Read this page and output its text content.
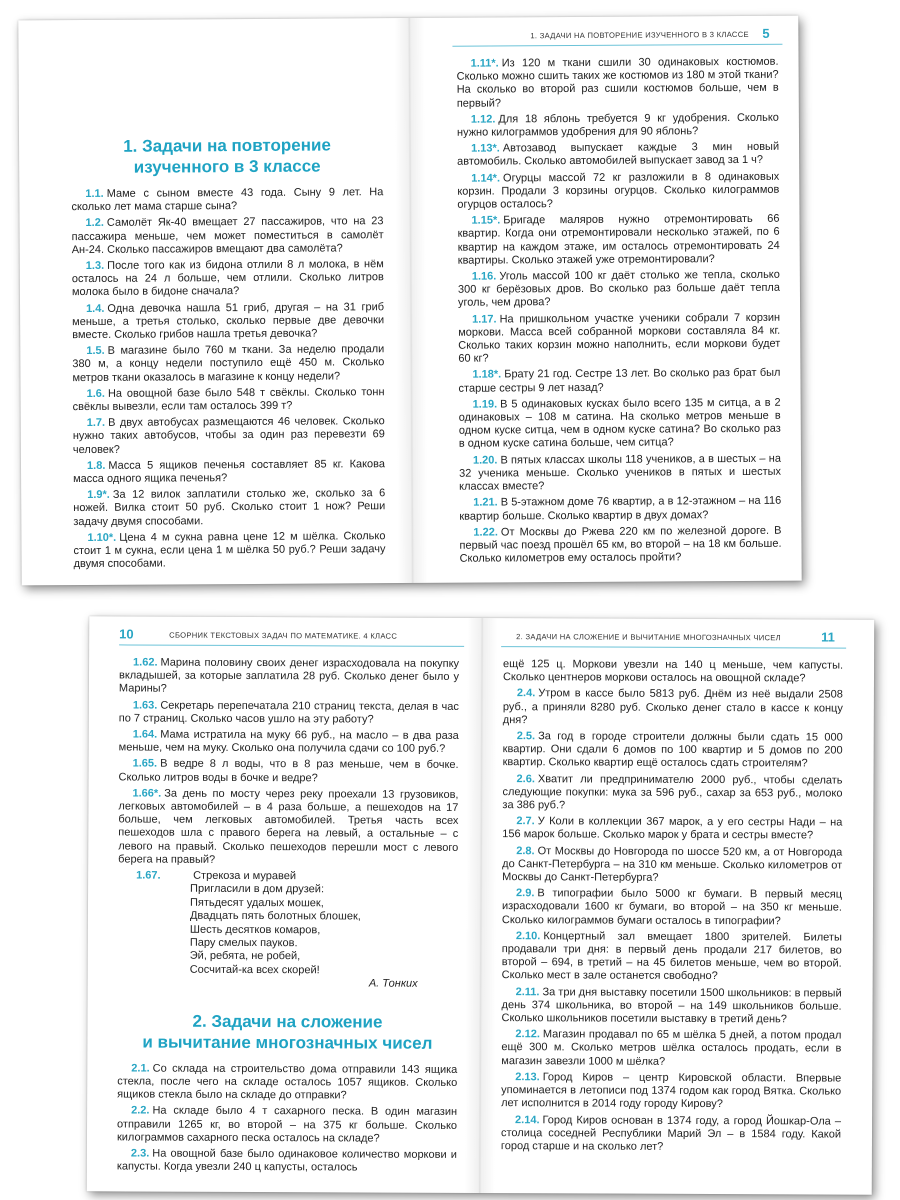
1. Задачи на повторение
изученного в 3 классе

1.1. Маме с сыном вместе 43 года. Сыну 9 лет. На сколько лет мама старше сына?

1.2. Самолёт Як-40 вмещает 27 пассажиров, что на 23 пассажира меньше, чем может поместиться в самолёт Ан-24. Сколько пассажиров вмещают два самолёта?

1.3. После того как из бидона отлили 8 л молока, в нём осталось на 24 л больше, чем отлили. Сколько литров молока было в бидоне сначала?

1.4. Одна девочка нашла 51 гриб, другая – на 31 гриб меньше, а третья столько, сколько первые две девочки вместе. Сколько грибов нашла третья девочка?

1.5. В магазине было 760 м ткани. За неделю продали 380 м, а концу недели поступило ещё 450 м. Сколько метров ткани оказалось в магазине к концу недели?

1.6. На овощной базе было 548 т свёклы. Сколько тонн свёклы вывезли, если там осталось 399 т?

1.7. В двух автобусах размещаются 46 человек. Сколько нужно таких автобусов, чтобы за один раз перевезти 69 человек?

1.8. Масса 5 ящиков печенья составляет 85 кг. Какова масса одного ящика печенья?

1.9*. За 12 вилок заплатили столько же, сколько за 6 ножей. Вилка стоит 50 руб. Сколько стоит 1 нож? Реши задачу двумя способами.

1.10*. Цена 4 м сукна равна цене 12 м шёлка. Сколько стоит 1 м сукна, если цена 1 м шёлка 50 руб.? Реши задачу двумя способами.

1. ЗАДАЧИ НА ПОВТОРЕНИЕ ИЗУЧЕННОГО В 3 КЛАССЕ 5

1.11*. Из 120 м ткани сшили 30 одинаковых костюмов. Сколько можно сшить таких же костюмов из 180 м этой ткани? На сколько во второй раз сшили костюмов больше, чем в первый?

1.12. Для 18 яблонь требуется 9 кг удобрения. Сколько нужно килограммов удобрения для 90 яблонь?

1.13*. Автозавод выпускает каждые 3 мин новый автомобиль. Сколько автомобилей выпускает завод за 1 ч?

1.14*. Огурцы массой 72 кг разложили в 8 одинаковых корзин. Продали 3 корзины огурцов. Сколько килограммов огурцов осталось?

1.15*. Бригаде маляров нужно отремонтировать 66 квартир. Когда они отремонтировали несколько этажей, по 6 квартир на каждом этаже, им осталось отремонтировать 24 квартиры. Сколько этажей уже отремонтировали?

1.16. Уголь массой 100 кг даёт столько же тепла, сколько 300 кг берёзовых дров. Во сколько раз больше даёт тепла уголь, чем дрова?

1.17. На пришкольном участке ученики собрали 7 корзин моркови. Масса всей собранной моркови составляла 84 кг. Сколько таких корзин можно наполнить, если моркови будет 60 кг?

1.18*. Брату 21 год. Сестре 13 лет. Во сколько раз брат был старше сестры 9 лет назад?

1.19. В 5 одинаковых кусках было всего 135 м ситца, а в 2 одинаковых – 108 м сатина. На сколько метров меньше в одном куске ситца, чем в одном куске сатина? Во сколько раз в одном куске сатина больше, чем ситца?

1.20. В пятых классах школы 118 учеников, а в шестых – на 32 ученика меньше. Сколько учеников в пятых и шестых классах вместе?

1.21. В 5-этажном доме 76 квартир, а в 12-этажном – на 116 квартир больше. Сколько квартир в двух домах?

1.22. От Москвы до Ржева 220 км по железной дороге. В первый час поезд прошёл 65 км, во второй – на 18 км больше. Сколько километров ему осталось пройти?

10	СБОРНИК ТЕКСТОВЫХ ЗАДАЧ ПО МАТЕМАТИКЕ. 4 КЛАСС

1.62. Марина половину своих денег израсходовала на покупку вкладышей, за которые заплатила 28 руб. Сколько денег было у Марины?

1.63. Секретарь перепечатала 210 страниц текста, делая в час по 7 страниц. Сколько часов ушло на эту работу?

1.64. Мама истратила на муку 66 руб., на масло – в два раза меньше, чем на муку. Сколько она получила сдачи со 100 руб.?

1.65. В ведре 8 л воды, что в 8 раз меньше, чем в бочке. Сколько литров воды в бочке и ведре?

1.66*. За день по мосту через реку проехали 13 грузовиков, легковых автомобилей – в 4 раза больше, а пешеходов на 17 больше, чем легковых автомобилей. Третья часть всех пешеходов шла с правого берега на левый, а остальные – с левого на правый. Сколько пешеходов перешли мост с левого берега на правый?

1.67.	Стрекоза и муравей
Пригласили в дом друзей:
Пятьдесят удалых мошек,
Двадцать пять болотных блошек,
Шесть десятков комаров,
Пару смелых пауков.
Эй, ребята, не робей,
Сосчитай-ка всех скорей!
А. Тонких
2. Задачи на сложение
и вычитание многозначных чисел

2.1. Со склада на строительство дома отправили 143 ящика стекла, после чего на складе осталось 1057 ящиков. Сколько ящиков стекла было на складе до отправки?

2.2. На складе было 4 т сахарного песка. В один магазин отправили 1265 кг, во второй – на 375 кг больше. Сколько килограммов сахарного песка осталось на складе?

2.3. На овощной базе было одинаковое количество моркови и капусты. Когда увезли 240 ц капусты, осталось

2. ЗАДАЧИ НА СЛОЖЕНИЕ И ВЫЧИТАНИЕ МНОГОЗНАЧНЫХ ЧИСЕЛ	11

ещё 125 ц. Моркови увезли на 140 ц меньше, чем капусты. Сколько центнеров моркови осталось на овощной складе?

2.4. Утром в кассе было 5813 руб. Днём из неё выдали 2508 руб., а приняли 8280 руб. Сколько денег стало в кассе к концу дня?

2.5. За год в городе строители должны были сдать 15 000 квартир. Они сдали 6 домов по 100 квартир и 5 домов по 200 квартир. Сколько квартир ещё осталось сдать строителям?

2.6. Хватит ли предпринимателю 2000 руб., чтобы сделать следующие покупки: мука за 596 руб., сахар за 653 руб., молоко за 386 руб.?

2.7. У Коли в коллекции 367 марок, а у его сестры Нади – на 156 марок больше. Сколько марок у брата и сестры вместе?

2.8. От Москвы до Новгорода по шоссе 520 км, а от Новгорода до Санкт-Петербурга – на 310 км меньше. Сколько километров от Москвы до Санкт-Петербурга?

2.9. В типографии было 5000 кг бумаги. В первый месяц израсходовали 1600 кг бумаги, во второй – на 350 кг меньше. Сколько килограммов бумаги осталось в типографии?

2.10. Концертный зал вмещает 1800 зрителей. Билеты продавали три дня: в первый день продали 217 билетов, во второй – 694, в третий – на 45 билетов меньше, чем во второй. Сколько мест в зале останется свободно?

2.11. За три дня выставку посетили 1500 школьников: в первый день 374 школьника, во второй – на 149 школьников больше. Сколько школьников посетили выставку в третий день?

2.12. Магазин продавал по 65 м шёлка 5 дней, а потом продал ещё 300 м. Сколько метров шёлка осталось продать, если в магазин завезли 1000 м шёлка?

2.13. Город Киров – центр Кировской области. Впервые упоминается в летописи под 1374 годом как город Вятка. Сколько лет исполнится в 2014 году городу Кирову?

2.14. Город Киров основан в 1374 году, а город Йошкар-Ола – столица соседней Республики Марий Эл – в 1584 году. Какой город старше и на сколько лет?
